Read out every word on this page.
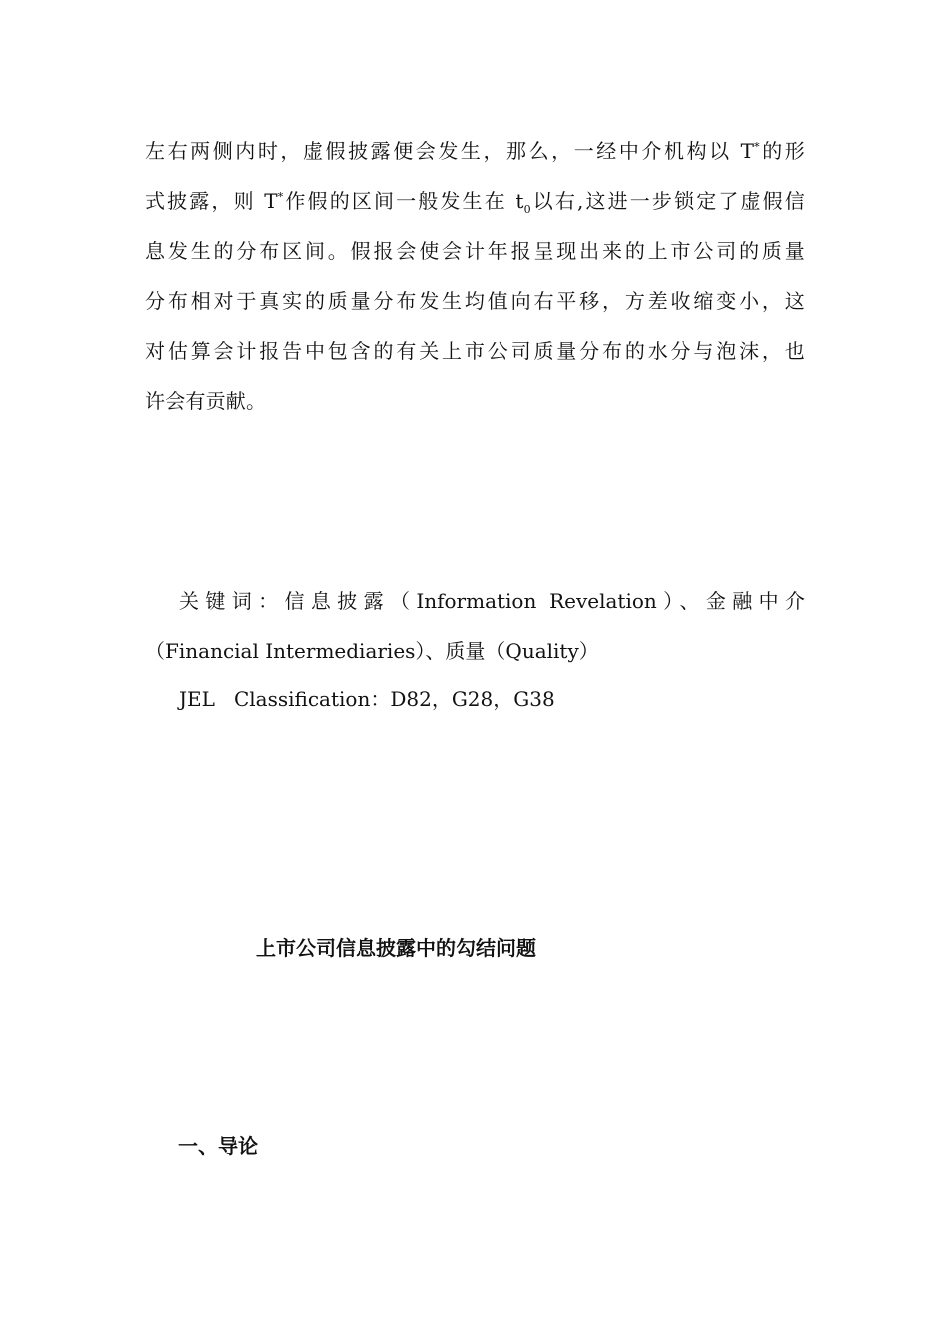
左右两侧内时，虚假披露便会发生，那么，一经中介机构以 T*的形
式披露，则 T*作假的区间一般发生在 $t_0$以右,这进一步锁定了虚假信
息发生的分布区间。假报会使会计年报呈现出来的上市公司的质量
分布相对于真实的质量分布发生均值向右平移，方差收缩变小，这
对估算会计报告中包含的有关上市公司质量分布的水分与泡沫，也
许会有贡献。
关键词：信息披露（Information Revelation）、金融中介
（Financial Intermediaries）、质量（Quality）
JEL   Classification：D82，G28，G38
上市公司信息披露中的勾结问题
一、导论
